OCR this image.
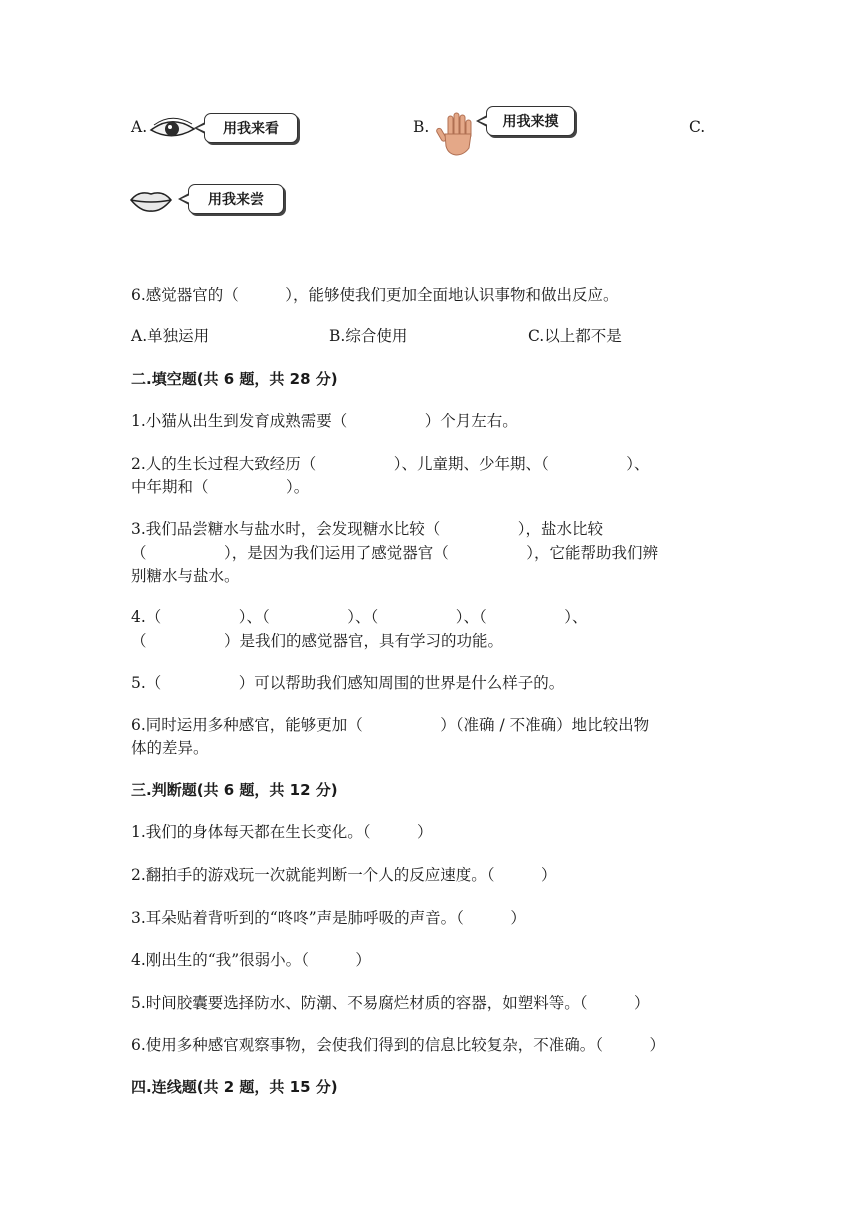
A.	用我来看	B.	用我来摸	C.
用我来尝
6.感觉器官的（　　　），能够使我们更加全面地认识事物和做出反应。
A.单独运用	B.综合使用	C.以上都不是
二.填空题(共 6 题，共 28 分)
1.小猫从出生到发育成熟需要（　　　　　）个月左右。
2.人的生长过程大致经历（　　　　　）、儿童期、少年期、（　　　　　）、
中年期和（　　　　　）。
3.我们品尝糖水与盐水时，会发现糖水比较（　　　　　），盐水比较
（　　　　　），是因为我们运用了感觉器官（　　　　　），它能帮助我们辨
别糖水与盐水。
4.（　　　　　）、（　　　　　）、（　　　　　）、（　　　　　）、
（　　　　　）是我们的感觉器官，具有学习的功能。
5.（　　　　　）可以帮助我们感知周围的世界是什么样子的。
6.同时运用多种感官，能够更加（　　　　　）（准确 / 不准确）地比较出物
体的差异。
三.判断题(共 6 题，共 12 分)
1.我们的身体每天都在生长变化。（　　　）
2.翻拍手的游戏玩一次就能判断一个人的反应速度。（　　　）
3.耳朵贴着背听到的“咚咚”声是肺呼吸的声音。（　　　）
4.刚出生的“我”很弱小。（　　　）
5.时间胶囊要选择防水、防潮、不易腐烂材质的容器，如塑料等。（　　　）
6.使用多种感官观察事物，会使我们得到的信息比较复杂，不准确。（　　　）
四.连线题(共 2 题，共 15 分)
